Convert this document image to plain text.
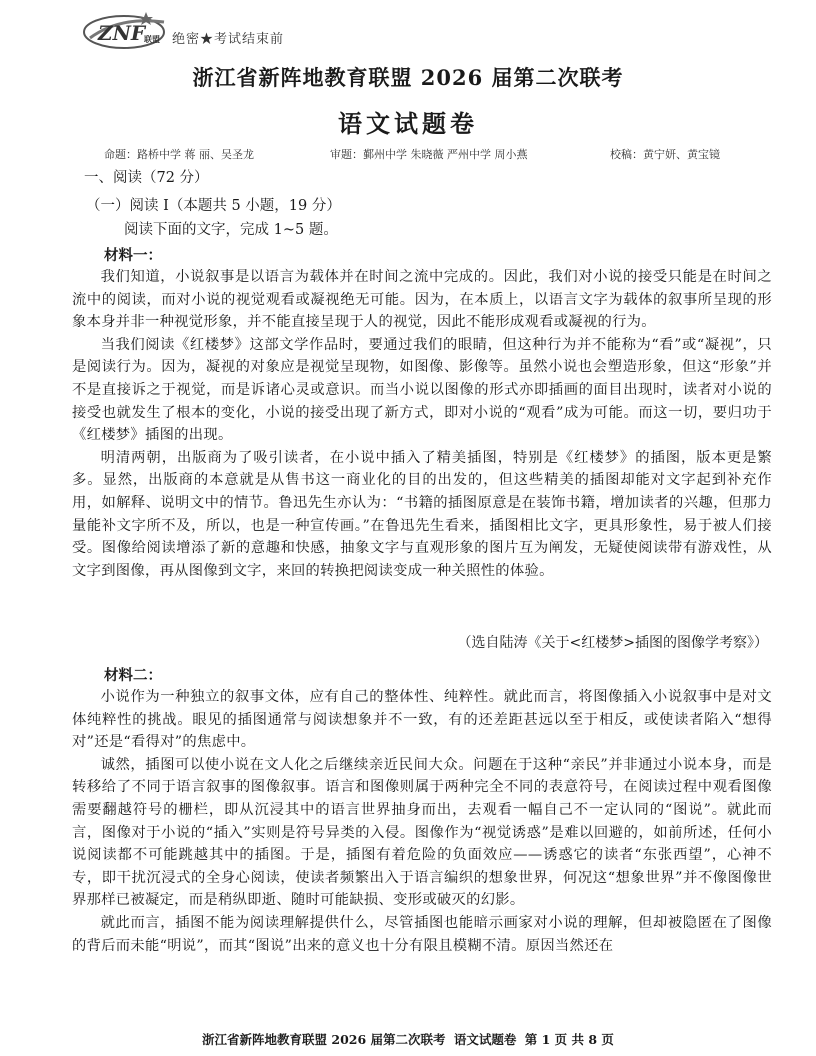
ZNF
联盟 绝密★考试结束前
浙江省新阵地教育联盟 2026 届第二次联考
语文试题卷
命题：路桥中学 蒋 丽、吴圣龙	审题：鄞州中学 朱晓薇 严州中学 周小燕	校稿：黄宁妍、黄宝镜
一、阅读（72 分）
（一）阅读 I（本题共 5 小题，19 分）
阅读下面的文字，完成 1~5 题。
材料一：

我们知道，小说叙事是以语言为载体并在时间之流中完成的。因此，我们对小说的接受只能是在时间之流中的阅读，而对小说的视觉观看或凝视绝无可能。因为，在本质上，以语言文字为载体的叙事所呈现的形象本身并非一种视觉形象，并不能直接呈现于人的视觉，因此不能形成观看或凝视的行为。

当我们阅读《红楼梦》这部文学作品时，要通过我们的眼睛，但这种行为并不能称为“看”或“凝视”，只是阅读行为。因为，凝视的对象应是视觉呈现物，如图像、影像等。虽然小说也会塑造形象，但这“形象”并不是直接诉之于视觉，而是诉诸心灵或意识。而当小说以图像的形式亦即插画的面目出现时，读者对小说的接受也就发生了根本的变化，小说的接受出现了新方式，即对小说的“观看”成为可能。而这一切，要归功于《红楼梦》插图的出现。

明清两朝，出版商为了吸引读者，在小说中插入了精美插图，特别是《红楼梦》的插图，版本更是繁多。显然，出版商的本意就是从售书这一商业化的目的出发的，但这些精美的插图却能对文字起到补充作用，如解释、说明文中的情节。鲁迅先生亦认为：“书籍的插图原意是在装饰书籍，增加读者的兴趣，但那力量能补文字所不及，所以，也是一种宣传画。”在鲁迅先生看来，插图相比文字，更具形象性，易于被人们接受。图像给阅读增添了新的意趣和快感，抽象文字与直观形象的图片互为阐发，无疑使阅读带有游戏性，从文字到图像，再从图像到文字，来回的转换把阅读变成一种关照性的体验。

（选自陆涛《关于<红楼梦>插图的图像学考察》）
材料二：

小说作为一种独立的叙事文体，应有自己的整体性、纯粹性。就此而言，将图像插入小说叙事中是对文体纯粹性的挑战。眼见的插图通常与阅读想象并不一致，有的还差距甚远以至于相反，或使读者陷入“想得对”还是“看得对”的焦虑中。

诚然，插图可以使小说在文人化之后继续亲近民间大众。问题在于这种“亲民”并非通过小说本身，而是转移给了不同于语言叙事的图像叙事。语言和图像则属于两种完全不同的表意符号，在阅读过程中观看图像需要翻越符号的栅栏，即从沉浸其中的语言世界抽身而出，去观看一幅自己不一定认同的“图说”。就此而言，图像对于小说的“插入”实则是符号异类的入侵。图像作为“视觉诱惑”是难以回避的，如前所述，任何小说阅读都不可能跳越其中的插图。于是，插图有着危险的负面效应——诱惑它的读者“东张西望”，心神不专，即干扰沉浸式的全身心阅读，使读者频繁出入于语言编织的想象世界，何况这“想象世界”并不像图像世界那样已被凝定，而是稍纵即逝、随时可能缺损、变形或破灭的幻影。

就此而言，插图不能为阅读理解提供什么，尽管插图也能暗示画家对小说的理解，但却被隐匿在了图像的背后而未能“明说”，而其“图说”出来的意义也十分有限且模糊不清。原因当然还在

浙江省新阵地教育联盟 2026 届第二次联考 语文试题卷 第 1 页 共 8 页
